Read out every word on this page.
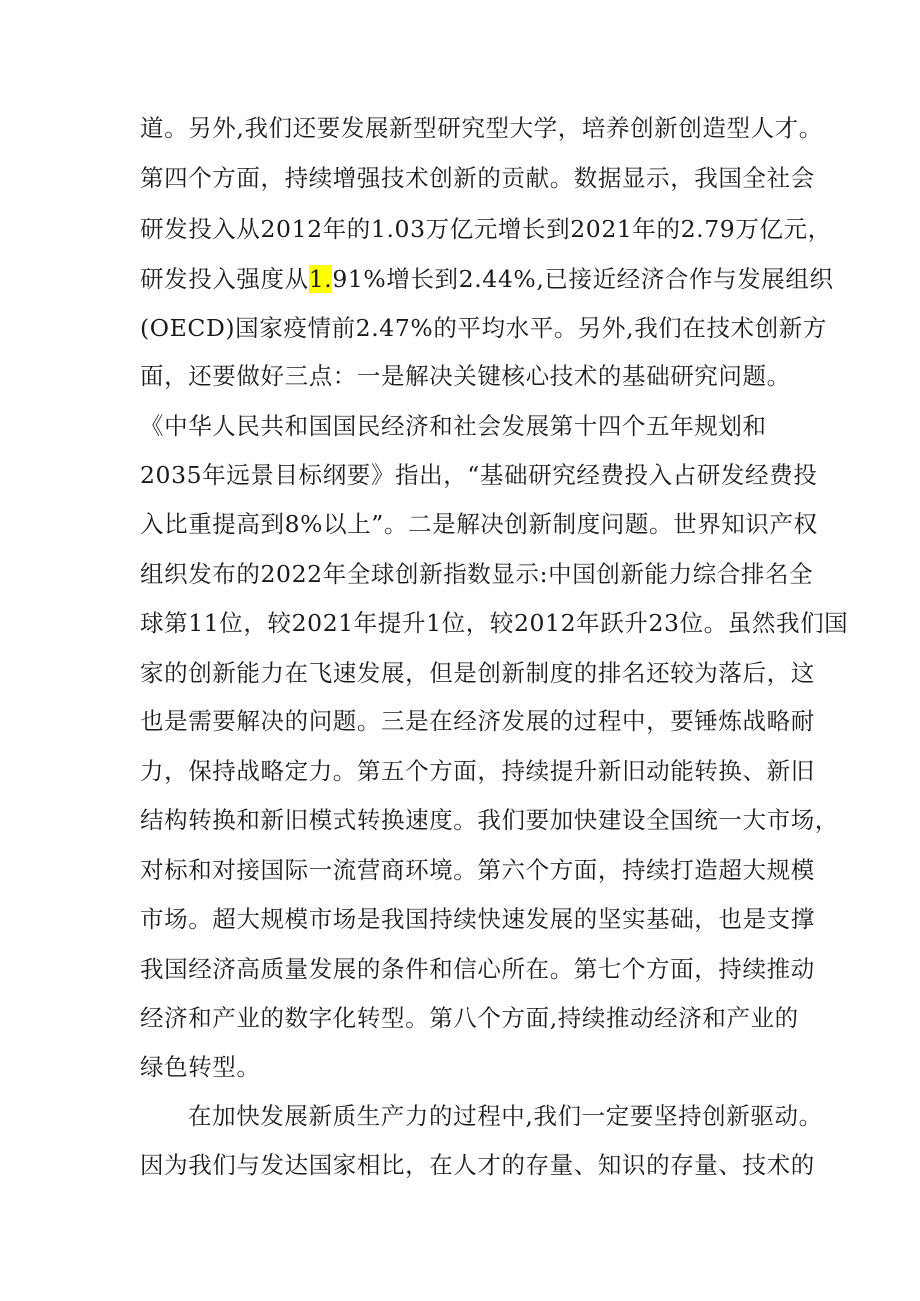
道。另外,我们还要发展新型研究型大学，培养创新创造型人才。
第四个方面，持续增强技术创新的贡献。数据显示，我国全社会
研发投入从2012年的1.03万亿元增长到2021年的2.79万亿元，
研发投入强度从1.91%增长到2.44%,已接近经济合作与发展组织
(OECD)国家疫情前2.47%的平均水平。另外,我们在技术创新方
面，还要做好三点：一是解决关键核心技术的基础研究问题。
《中华人民共和国国民经济和社会发展第十四个五年规划和
2035年远景目标纲要》指出，“基础研究经费投入占研发经费投
入比重提高到8%以上”。二是解决创新制度问题。世界知识产权
组织发布的2022年全球创新指数显示:中国创新能力综合排名全
球第11位，较2021年提升1位，较2012年跃升23位。虽然我们国
家的创新能力在飞速发展，但是创新制度的排名还较为落后，这
也是需要解决的问题。三是在经济发展的过程中，要锤炼战略耐
力，保持战略定力。第五个方面，持续提升新旧动能转换、新旧
结构转换和新旧模式转换速度。我们要加快建设全国统一大市场，
对标和对接国际一流营商环境。第六个方面，持续打造超大规模
市场。超大规模市场是我国持续快速发展的坚实基础，也是支撑
我国经济高质量发展的条件和信心所在。第七个方面，持续推动
经济和产业的数字化转型。第八个方面,持续推动经济和产业的
绿色转型。
在加快发展新质生产力的过程中,我们一定要坚持创新驱动。
因为我们与发达国家相比，在人才的存量、知识的存量、技术的
